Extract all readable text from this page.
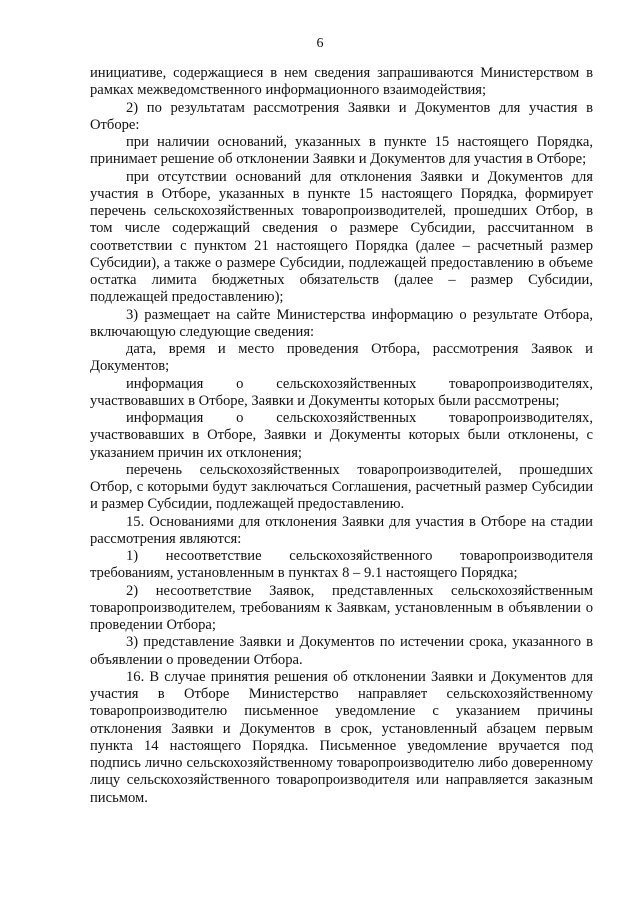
6

инициативе, содержащиеся в нем сведения запрашиваются Министерством в рамках межведомственного информационного взаимодействия;

2) по результатам рассмотрения Заявки и Документов для участия в Отборе:

при наличии оснований, указанных в пункте 15 настоящего Порядка, принимает решение об отклонении Заявки и Документов для участия в Отборе;

при отсутствии оснований для отклонения Заявки и Документов для участия в Отборе, указанных в пункте 15 настоящего Порядка, формирует перечень сельскохозяйственных товаропроизводителей, прошедших Отбор, в том числе содержащий сведения о размере Субсидии, рассчитанном в соответствии с пунктом 21 настоящего Порядка (далее – расчетный размер Субсидии), а также о размере Субсидии, подлежащей предоставлению в объеме остатка лимита бюджетных обязательств (далее – размер Субсидии, подлежащей предоставлению);

3) размещает на сайте Министерства информацию о результате Отбора, включающую следующие сведения:

дата, время и место проведения Отбора, рассмотрения Заявок и Документов;

информация о сельскохозяйственных товаропроизводителях, участвовавших в Отборе, Заявки и Документы которых были рассмотрены;

информация о сельскохозяйственных товаропроизводителях, участвовавших в Отборе, Заявки и Документы которых были отклонены, с указанием причин их отклонения;

перечень сельскохозяйственных товаропроизводителей, прошедших Отбор, с которыми будут заключаться Соглашения, расчетный размер Субсидии и размер Субсидии, подлежащей предоставлению.

15. Основаниями для отклонения Заявки для участия в Отборе на стадии рассмотрения являются:

1) несоответствие сельскохозяйственного товаропроизводителя требованиям, установленным в пунктах 8 – 9.1 настоящего Порядка;

2) несоответствие Заявок, представленных сельскохозяйственным товаропроизводителем, требованиям к Заявкам, установленным в объявлении о проведении Отбора;

3) представление Заявки и Документов по истечении срока, указанного в объявлении о проведении Отбора.

16. В случае принятия решения об отклонении Заявки и Документов для участия в Отборе Министерство направляет сельскохозяйственному товаропроизводителю письменное уведомление с указанием причины отклонения Заявки и Документов в срок, установленный абзацем первым пункта 14 настоящего Порядка. Письменное уведомление вручается под подпись лично сельскохозяйственному товаропроизводителю либо доверенному лицу сельскохозяйственного товаропроизводителя или направляется заказным письмом.
